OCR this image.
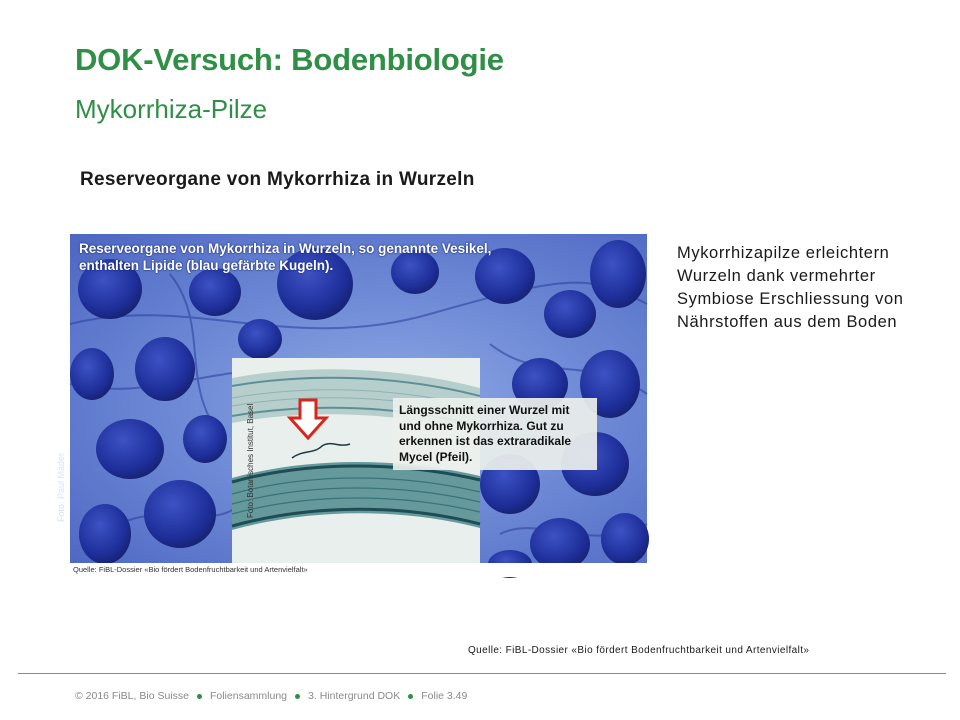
DOK-Versuch: Bodenbiologie
Mykorrhiza-Pilze
Reserveorgane von Mykorrhiza in Wurzeln
Reserveorgane von Mykorrhiza in Wurzeln, so genannte Vesikel, enthalten Lipide (blau gefärbte Kugeln).
Foto: Paul Mäder	Foto: Botanisches Institut, Basel	Längsschnitt einer Wurzel mit und ohne Mykorrhiza. Gut zu erkennen ist das extraradikale Mycel (Pfeil).
Quelle: FiBL-Dossier «Bio fördert Bodenfruchtbarkeit und Artenvielfalt»

Mykorrhizapilze erleichtern Wurzeln dank vermehrter Symbiose Erschliessung von Nährstoffen aus dem Boden

Quelle: FiBL-Dossier «Bio fördert Bodenfruchtbarkeit und Artenvielfalt»

© 2016 FiBL, Bio Suisse Foliensammlung 3. Hintergrund DOK Folie 3.49
